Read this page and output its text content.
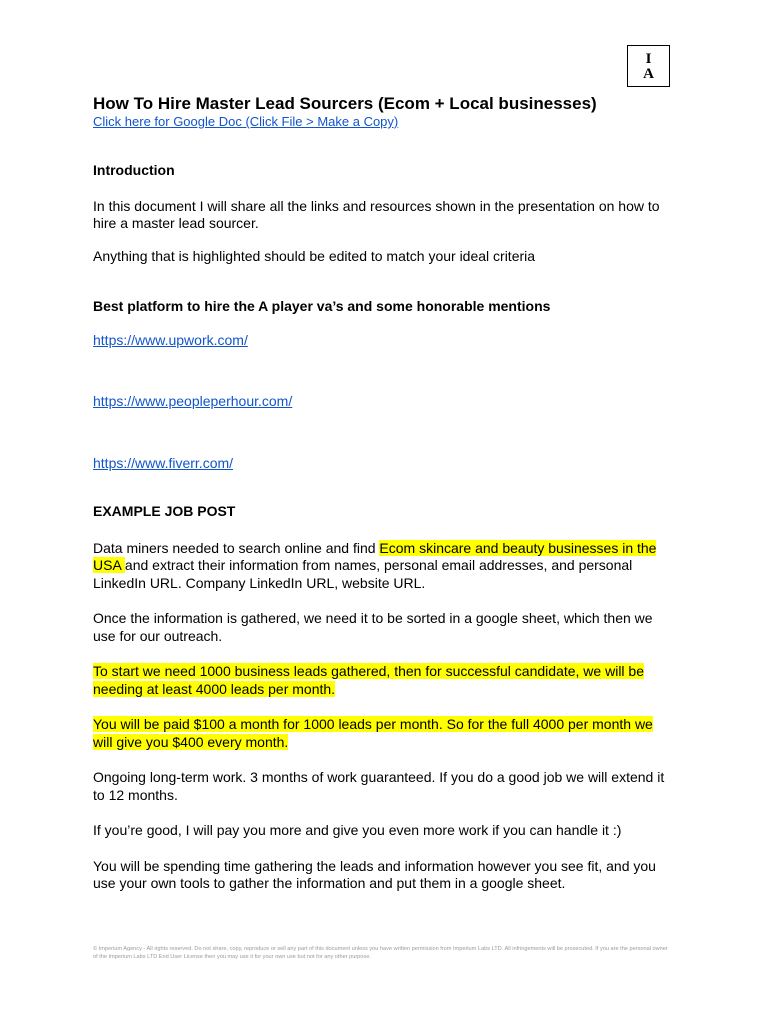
I
A
How To Hire Master Lead Sourcers (Ecom + Local businesses)
Click here for Google Doc (Click File > Make a Copy)

Introduction

In this document I will share all the links and resources shown in the presentation on how to hire a master lead sourcer.

Anything that is highlighted should be edited to match your ideal criteria

Best platform to hire the A player va’s and some honorable mentions

https://www.upwork.com/
https://www.peopleperhour.com/
https://www.fiverr.com/

EXAMPLE JOB POST

Data miners needed to search online and find Ecom skincare and beauty businesses in the USA and extract their information from names, personal email addresses, and personal LinkedIn URL. Company LinkedIn URL, website URL.

Once the information is gathered, we need it to be sorted in a google sheet, which then we use for our outreach.

To start we need 1000 business leads gathered, then for successful candidate, we will be needing at least 4000 leads per month.

You will be paid $100 a month for 1000 leads per month. So for the full 4000 per month we will give you $400 every month.

Ongoing long-term work. 3 months of work guaranteed. If you do a good job we will extend it to 12 months.

If you’re good, I will pay you more and give you even more work if you can handle it :)

You will be spending time gathering the leads and information however you see fit, and you use your own tools to gather the information and put them in a google sheet.

© Imperium Agency - All rights reserved. Do not share, copy, reproduce or sell any part of this document unless you have written permission from Imperium Labs LTD. All infringements will be prosecuted. If you are the personal owner of the Imperium Labs LTD End User License then you may use it for your own use but not for any other purpose.
